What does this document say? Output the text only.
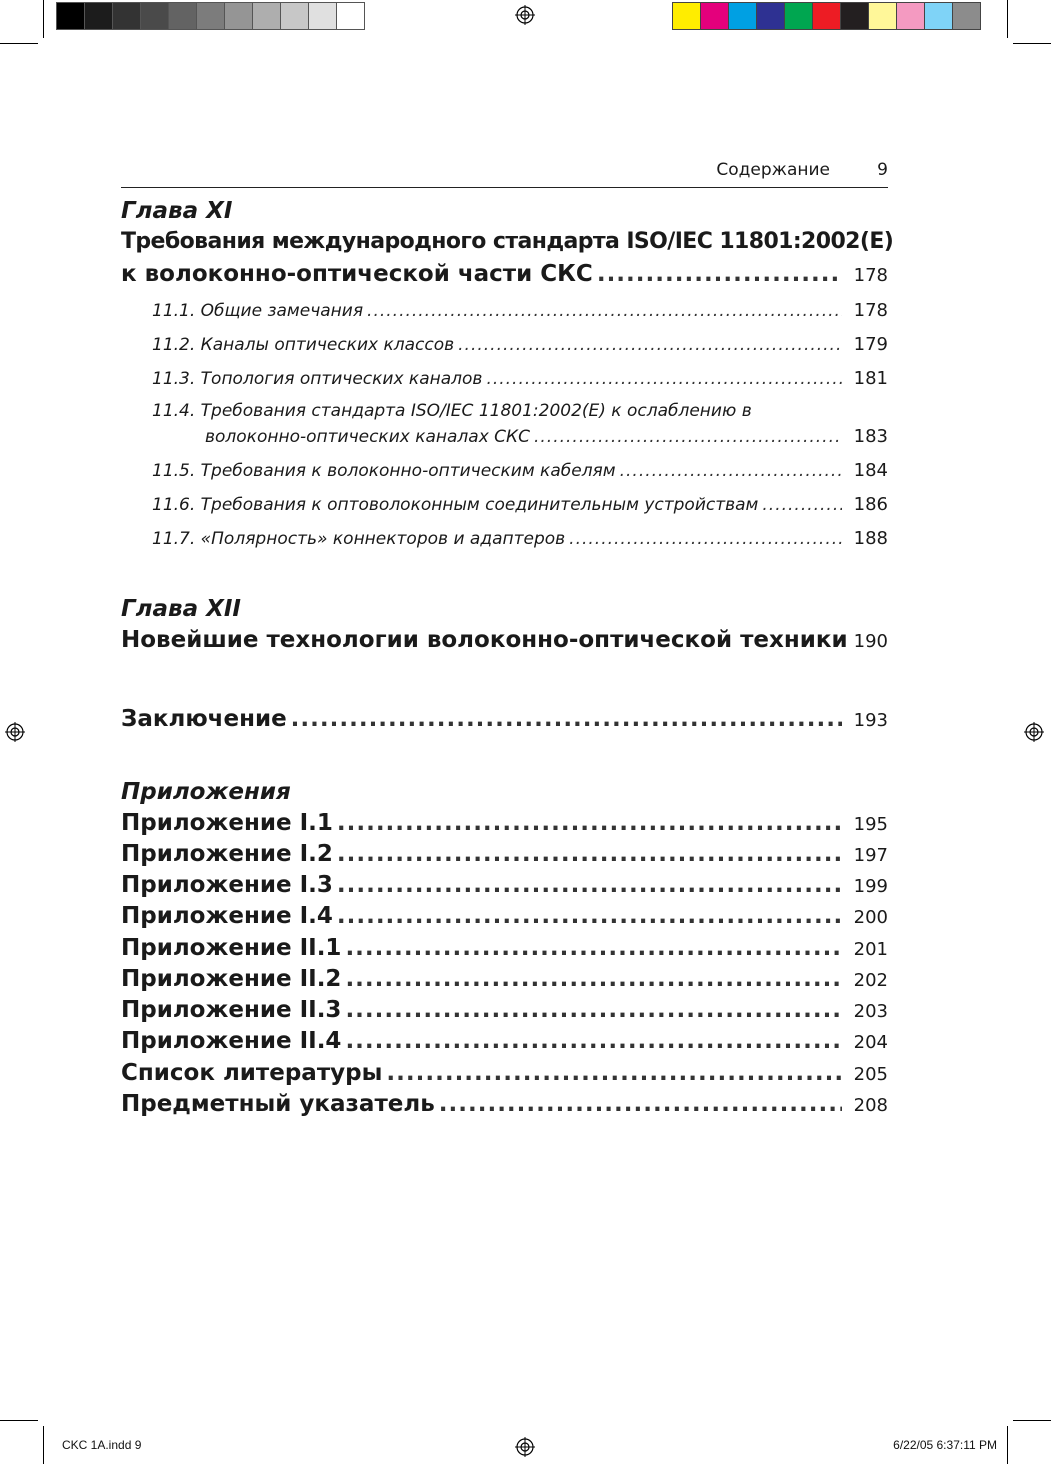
Содержание	9
Глава XI
Требования международного стандарта ISO/IEC 11801:2002(E)
к волоконно-оптической части СКС .....	178
11.1. Общие замечания .....	178
11.2. Каналы оптических классов .....	179
11.3. Топология оптических каналов .....	181
11.4. Требования стандарта ISO/IEC 11801:2002(E) к ослаблению в
волоконно-оптических каналах СКС .....	183
11.5. Требования к волоконно-оптическим кабелям .....	184
11.6. Требования к оптоволоконным соединительным устройствам .....	186
11.7. «Полярность» коннекторов и адаптеров .....	188
Глава XII
Новейшие технологии волоконно-оптической техники 190
Заключение .....	193
Приложения
Приложение I.1 .....	195
Приложение I.2 .....	197
Приложение I.3 .....	199
Приложение I.4 .....	200
Приложение II.1 .....	201
Приложение II.2 .....	202
Приложение II.3 .....	203
Приложение II.4 .....	204
Список литературы .....	205
Предметный указатель .....	208
CKC 1A.indd 9	6/22/05 6:37:11 PM
